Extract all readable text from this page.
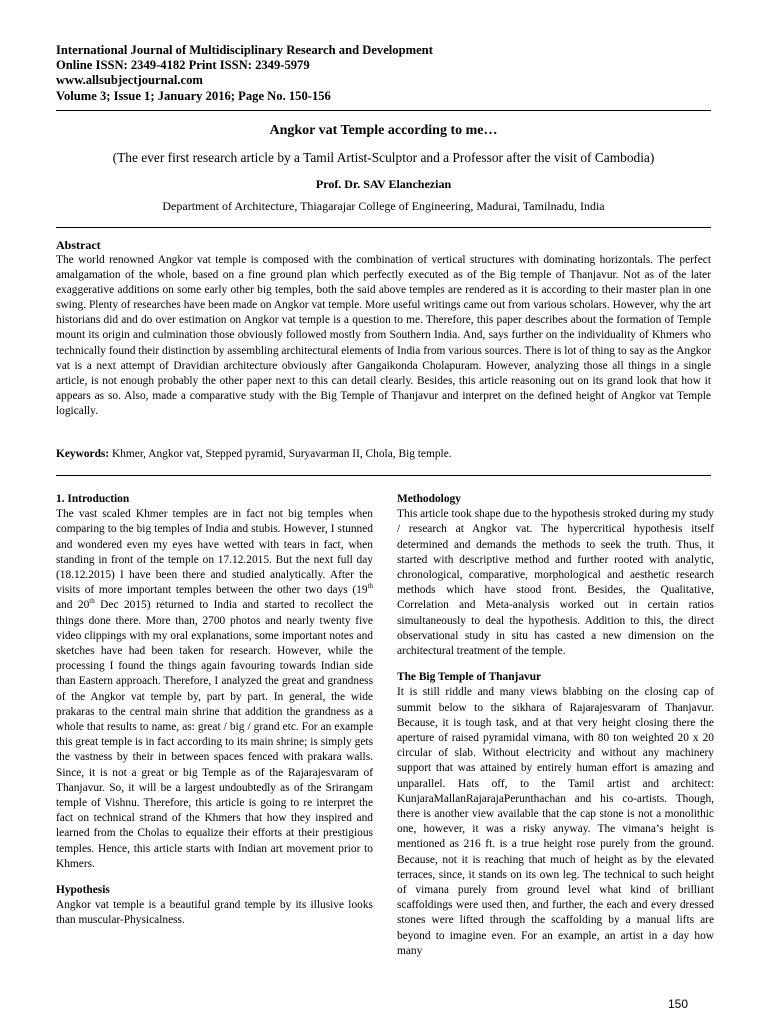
International Journal of Multidisciplinary Research and Development
Online ISSN: 2349-4182 Print ISSN: 2349-5979
www.allsubjectjournal.com
Volume 3; Issue 1; January 2016; Page No. 150-156
Angkor vat Temple according to me…
(The ever first research article by a Tamil Artist-Sculptor and a Professor after the visit of Cambodia)
Prof. Dr. SAV Elanchezian
Department of Architecture, Thiagarajar College of Engineering, Madurai, Tamilnadu, India
Abstract
The world renowned Angkor vat temple is composed with the combination of vertical structures with dominating horizontals. The perfect amalgamation of the whole, based on a fine ground plan which perfectly executed as of the Big temple of Thanjavur. Not as of the later exaggerative additions on some early other big temples, both the said above temples are rendered as it is according to their master plan in one swing. Plenty of researches have been made on Angkor vat temple. More useful writings came out from various scholars. However, why the art historians did and do over estimation on Angkor vat temple is a question to me. Therefore, this paper describes about the formation of Temple mount its origin and culmination those obviously followed mostly from Southern India. And, says further on the individuality of Khmers who technically found their distinction by assembling architectural elements of India from various sources. There is lot of thing to say as the Angkor vat is a next attempt of Dravidian architecture obviously after Gangaikonda Cholapuram. However, analyzing those all things in a single article, is not enough probably the other paper next to this can detail clearly. Besides, this article reasoning out on its grand look that how it appears as so. Also, made a comparative study with the Big Temple of Thanjavur and interpret on the defined height of Angkor vat Temple logically.
Keywords: Khmer, Angkor vat, Stepped pyramid, Suryavarman II, Chola, Big temple.
1. Introduction
The vast scaled Khmer temples are in fact not big temples when comparing to the big temples of India and stubis. However, I stunned and wondered even my eyes have wetted with tears in fact, when standing in front of the temple on 17.12.2015. But the next full day (18.12.2015) I have been there and studied analytically. After the visits of more important temples between the other two days (19th and 20th Dec 2015) returned to India and started to recollect the things done there. More than, 2700 photos and nearly twenty five video clippings with my oral explanations, some important notes and sketches have had been taken for research. However, while the processing I found the things again favouring towards Indian side than Eastern approach. Therefore, I analyzed the great and grandness of the Angkor vat temple by, part by part. In general, the wide prakaras to the central main shrine that addition the grandness as a whole that results to name, as: great / big / grand etc. For an example this great temple is in fact according to its main shrine; is simply gets the vastness by their in between spaces fenced with prakara walls. Since, it is not a great or big Temple as of the Rajarajesvaram of Thanjavur. So, it will be a largest undoubtedly as of the Srirangam temple of Vishnu. Therefore, this article is going to re interpret the fact on technical strand of the Khmers that how they inspired and learned from the Cholas to equalize their efforts at their prestigious temples. Hence, this article starts with Indian art movement prior to Khmers.
Hypothesis
Angkor vat temple is a beautiful grand temple by its illusive looks than muscular-Physicalness.
Methodology
This article took shape due to the hypothesis stroked during my study / research at Angkor vat. The hypercritical hypothesis itself determined and demands the methods to seek the truth. Thus, it started with descriptive method and further rooted with analytic, chronological, comparative, morphological and aesthetic research methods which have stood front. Besides, the Qualitative, Correlation and Meta-analysis worked out in certain ratios simultaneously to deal the hypothesis. Addition to this, the direct observational study in situ has casted a new dimension on the architectural treatment of the temple.
The Big Temple of Thanjavur
It is still riddle and many views blabbing on the closing cap of summit below to the sikhara of Rajarajesvaram of Thanjavur. Because, it is tough task, and at that very height closing there the aperture of raised pyramidal vimana, with 80 ton weighted 20 x 20 circular of slab. Without electricity and without any machinery support that was attained by entirely human effort is amazing and unparallel. Hats off, to the Tamil artist and architect: KunjaraMallanRajarajaPerunthachan and his co-artists. Though, there is another view available that the cap stone is not a monolithic one, however, it was a risky anyway. The vimana’s height is mentioned as 216 ft. is a true height rose purely from the ground. Because, not it is reaching that much of height as by the elevated terraces, since, it stands on its own leg. The technical to such height of vimana purely from ground level what kind of brilliant scaffoldings were used then, and further, the each and every dressed stones were lifted through the scaffolding by a manual lifts are beyond to imagine even. For an example, an artist in a day how many
150
